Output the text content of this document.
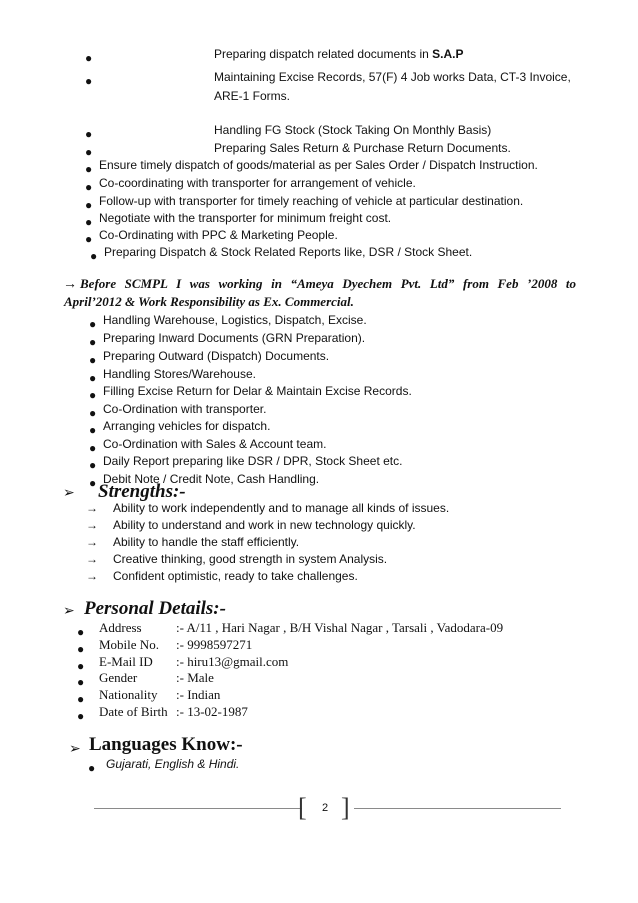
●	Preparing dispatch related documents in S.A.P
●	Maintaining Excise Records, 57(F) 4 Job works Data, CT-3 Invoice,
ARE-1 Forms.
●	Handling FG Stock (Stock Taking On Monthly Basis)
●	Preparing Sales Return & Purchase Return Documents.
● Ensure timely dispatch of goods/material as per Sales Order / Dispatch Instruction.
● Co-coordinating with transporter for arrangement of vehicle.
● Follow-up with transporter for timely reaching of vehicle at particular destination.
● Negotiate with the transporter for minimum freight cost.
● Co-Ordinating with PPC & Marketing People.
● Preparing Dispatch & Stock Related Reports like, DSR / Stock Sheet.
→ Before SCMPL I was working in “Ameya Dyechem Pvt. Ltd” from Feb ’2008 to
April’2012 & Work Responsibility as Ex. Commercial.
● Handling Warehouse, Logistics, Dispatch, Excise.
● Preparing Inward Documents (GRN Preparation).
● Preparing Outward (Dispatch) Documents.
● Handling Stores/Warehouse.
● Filling Excise Return for Delar & Maintain Excise Records.
● Co-Ordination with transporter.
● Arranging vehicles for dispatch.
● Co-Ordination with Sales & Account team.
● Daily Report preparing like DSR / DPR, Stock Sheet etc.
● Debit Note / Credit Note, Cash Handling.
➢ Strengths:-
→ Ability to work independently and to manage all kinds of issues.
→ Ability to understand and work in new technology quickly.
→ Ability to handle the staff efficiently.
→ Creative thinking, good strength in system Analysis.
→ Confident optimistic, ready to take challenges.
➢ Personal Details:-
● Address	:- A/11 , Hari Nagar , B/H Vishal Nagar , Tarsali , Vadodara-09
● Mobile No. :- 9998597271
● E-Mail ID :- hiru13@gmail.com
● Gender	:- Male
● Nationality :- Indian
● Date of Birth :- 13-02-1987
➢ Languages Know:-
● Gujarati, English & Hindi.
[ ]
2
